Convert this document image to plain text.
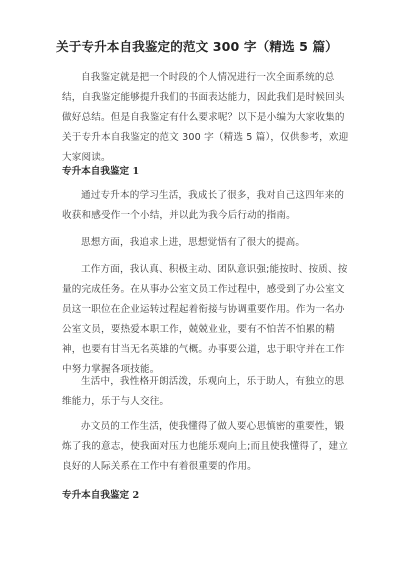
关于专升本自我鉴定的范文 300 字（精选 5 篇）

自我鉴定就是把一个时段的个人情况进行一次全面系统的总结，自我鉴定能够提升我们的书面表达能力，因此我们是时候回头做好总结。但是自我鉴定有什么要求呢？以下是小编为大家收集的关于专升本自我鉴定的范文 300 字（精选 5 篇），仅供参考，欢迎大家阅读。

专升本自我鉴定 1

通过专升本的学习生活，我成长了很多，我对自己这四年来的收获和感受作一个小结，并以此为我今后行动的指南。

思想方面，我追求上进，思想觉悟有了很大的提高。

工作方面，我认真、积极主动、团队意识强;能按时、按质、按量的完成任务。在从事办公室文员工作过程中，感受到了办公室文员这一职位在企业运转过程起着衔接与协调重要作用。作为一名办公室文员，要热爱本职工作，兢兢业业，要有不怕苦不怕累的精神，也要有甘当无名英雄的气概。办事要公道，忠于职守并在工作中努力掌握各项技能。

生活中，我性格开朗活泼，乐观向上，乐于助人，有独立的思维能力，乐于与人交往。

办文员的工作生活，使我懂得了做人要心思慎密的重要性，锻炼了我的意志，使我面对压力也能乐观向上;而且使我懂得了，建立良好的人际关系在工作中有着很重要的作用。

专升本自我鉴定 2
